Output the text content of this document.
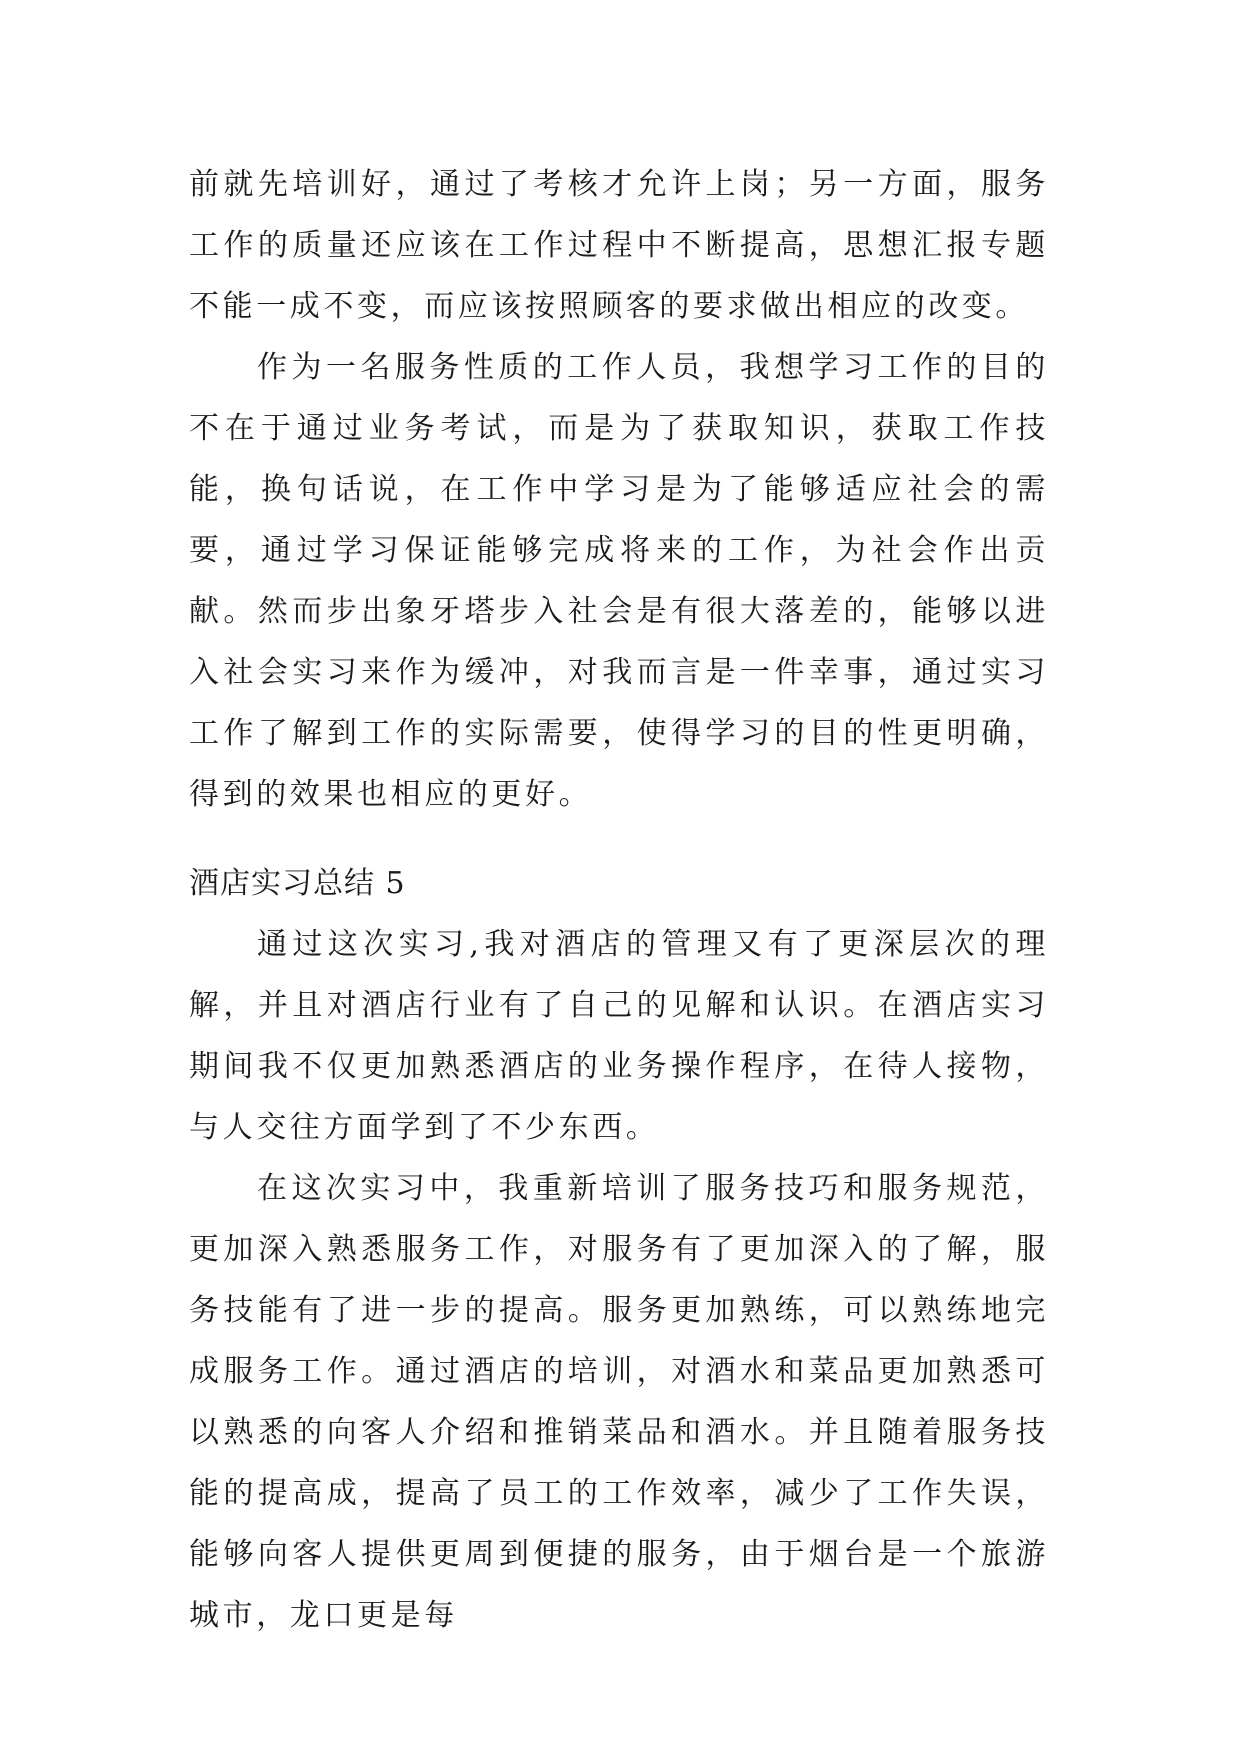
前就先培训好，通过了考核才允许上岗；另一方面，服务工作的质量还应该在工作过程中不断提高，思想汇报专题不能一成不变，而应该按照顾客的要求做出相应的改变。

作为一名服务性质的工作人员，我想学习工作的目的不在于通过业务考试，而是为了获取知识，获取工作技能，换句话说，在工作中学习是为了能够适应社会的需要，通过学习保证能够完成将来的工作，为社会作出贡献。然而步出象牙塔步入社会是有很大落差的，能够以进入社会实习来作为缓冲，对我而言是一件幸事，通过实习工作了解到工作的实际需要，使得学习的目的性更明确，得到的效果也相应的更好。

酒店实习总结 5

通过这次实习,我对酒店的管理又有了更深层次的理解，并且对酒店行业有了自己的见解和认识。在酒店实习期间我不仅更加熟悉酒店的业务操作程序，在待人接物，与人交往方面学到了不少东西。

在这次实习中，我重新培训了服务技巧和服务规范，更加深入熟悉服务工作，对服务有了更加深入的了解，服务技能有了进一步的提高。服务更加熟练，可以熟练地完成服务工作。通过酒店的培训，对酒水和菜品更加熟悉可以熟悉的向客人介绍和推销菜品和酒水。并且随着服务技能的提高成，提高了员工的工作效率，减少了工作失误，能够向客人提供更周到便捷的服务，由于烟台是一个旅游城市，龙口更是每
